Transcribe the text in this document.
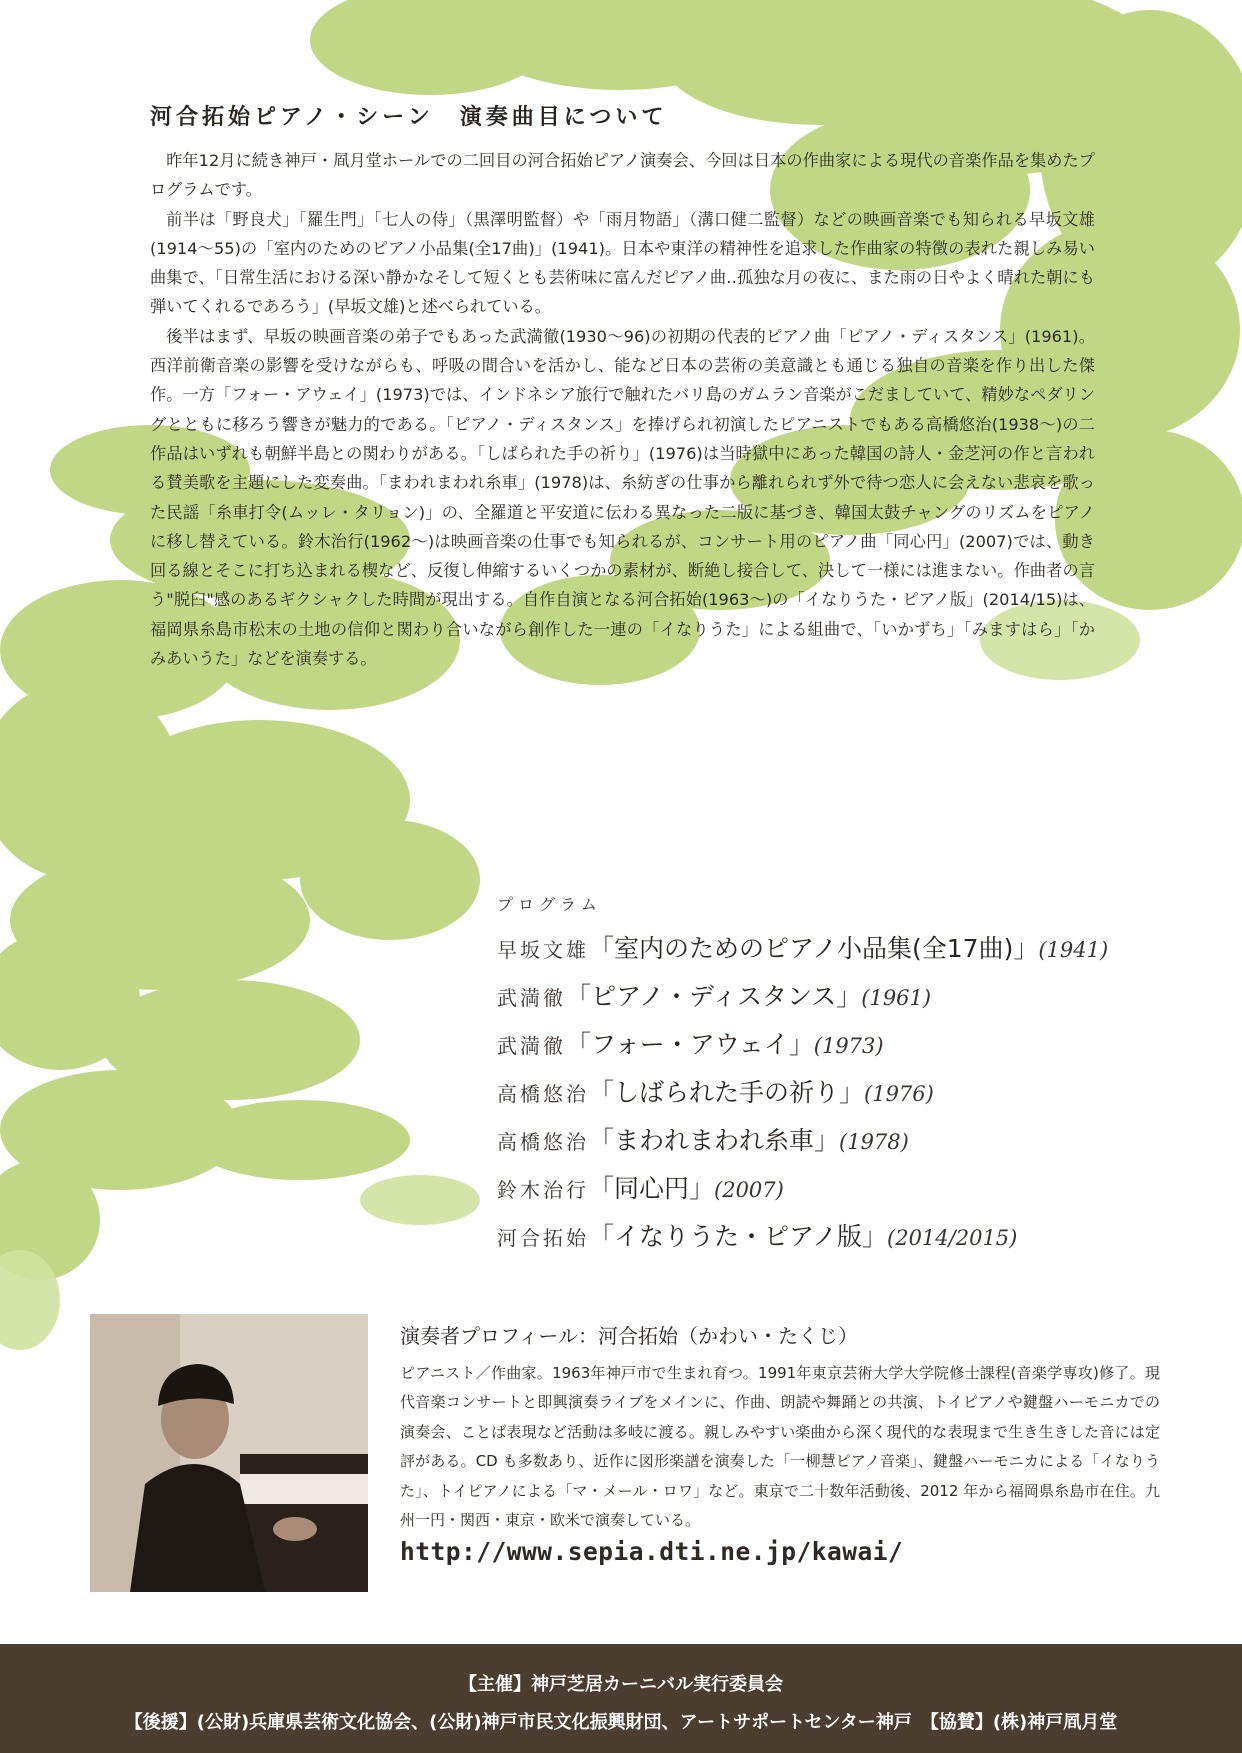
河合拓始ピアノ・シーン　演奏曲目について

昨年12月に続き神戸・凮月堂ホールでの二回目の河合拓始ピアノ演奏会、今回は日本の作曲家による現代の音楽作品を集めたプログラムです。

前半は「野良犬」「羅生門」「七人の侍」（黒澤明監督）や「雨月物語」（溝口健二監督）などの映画音楽でも知られる早坂文雄(1914～55)の「室内のためのピアノ小品集(全17曲)」(1941)。日本や東洋の精神性を追求した作曲家の特徴の表れた親しみ易い曲集で、「日常生活における深い静かなそして短くとも芸術味に富んだピアノ曲‥孤独な月の夜に、また雨の日やよく晴れた朝にも弾いてくれるであろう」(早坂文雄)と述べられている。

後半はまず、早坂の映画音楽の弟子でもあった武満徹(1930～96)の初期の代表的ピアノ曲「ピアノ・ディスタンス」(1961)。西洋前衛音楽の影響を受けながらも、呼吸の間合いを活かし、能など日本の芸術の美意識とも通じる独自の音楽を作り出した傑作。一方「フォー・アウェイ」(1973)では、インドネシア旅行で触れたバリ島のガムラン音楽がこだましていて、精妙なペダリングとともに移ろう響きが魅力的である。「ピアノ・ディスタンス」を捧げられ初演したピアニストでもある高橋悠治(1938～)の二作品はいずれも朝鮮半島との関わりがある。「しばられた手の祈り」(1976)は当時獄中にあった韓国の詩人・金芝河の作と言われる賛美歌を主題にした変奏曲。「まわれまわれ糸車」(1978)は、糸紡ぎの仕事から離れられず外で待つ恋人に会えない悲哀を歌った民謡「糸車打令(ムッレ・タリョン)」の、全羅道と平安道に伝わる異なった二版に基づき、韓国太鼓チャングのリズムをピアノに移し替えている。鈴木治行(1962～)は映画音楽の仕事でも知られるが、コンサート用のピアノ曲「同心円」(2007)では、動き回る線とそこに打ち込まれる楔など、反復し伸縮するいくつかの素材が、断絶し接合して、決して一様には進まない。作曲者の言う"脱臼"感のあるギクシャクした時間が現出する。自作自演となる河合拓始(1963～)の「イなりうた・ピアノ版」(2014/15)は、福岡県糸島市松末の土地の信仰と関わり合いながら創作した一連の「イなりうた」による組曲で、「いかずち」「みますはら」「かみあいうた」などを演奏する。

プログラム
早坂文雄「室内のためのピアノ小品集(全17曲)」(1941)
武満徹「ピアノ・ディスタンス」(1961)
武満徹「フォー・アウェイ」(1973)
高橋悠治「しばられた手の祈り」(1976)
高橋悠治「まわれまわれ糸車」(1978)
鈴木治行「同心円」(2007)
河合拓始「イなりうた・ピアノ版」(2014/2015)
演奏者プロフィール：河合拓始（かわい・たくじ）
ピアニスト／作曲家。1963年神戸市で生まれ育つ。1991年東京芸術大学大学院修士課程(音楽学専攻)修了。現代音楽コンサートと即興演奏ライブをメインに、作曲、朗読や舞踊との共演、トイピアノや鍵盤ハーモニカでの演奏会、ことば表現など活動は多岐に渡る。親しみやすい楽曲から深く現代的な表現まで生き生きした音には定評がある。CD も多数あり、近作に図形楽譜を演奏した「一柳慧ピアノ音楽」、鍵盤ハーモニカによる「イなりうた」、トイピアノによる「マ・メール・ロワ」など。東京で二十数年活動後、2012 年から福岡県糸島市在住。九州一円・関西・東京・欧米で演奏している。
http://www.sepia.dti.ne.jp/kawai/
【主催】神戸芝居カーニバル実行委員会
【後援】(公財)兵庫県芸術文化協会、(公財)神戸市民文化振興財団、アートサポートセンター神戸　【協賛】(株)神戸凮月堂
